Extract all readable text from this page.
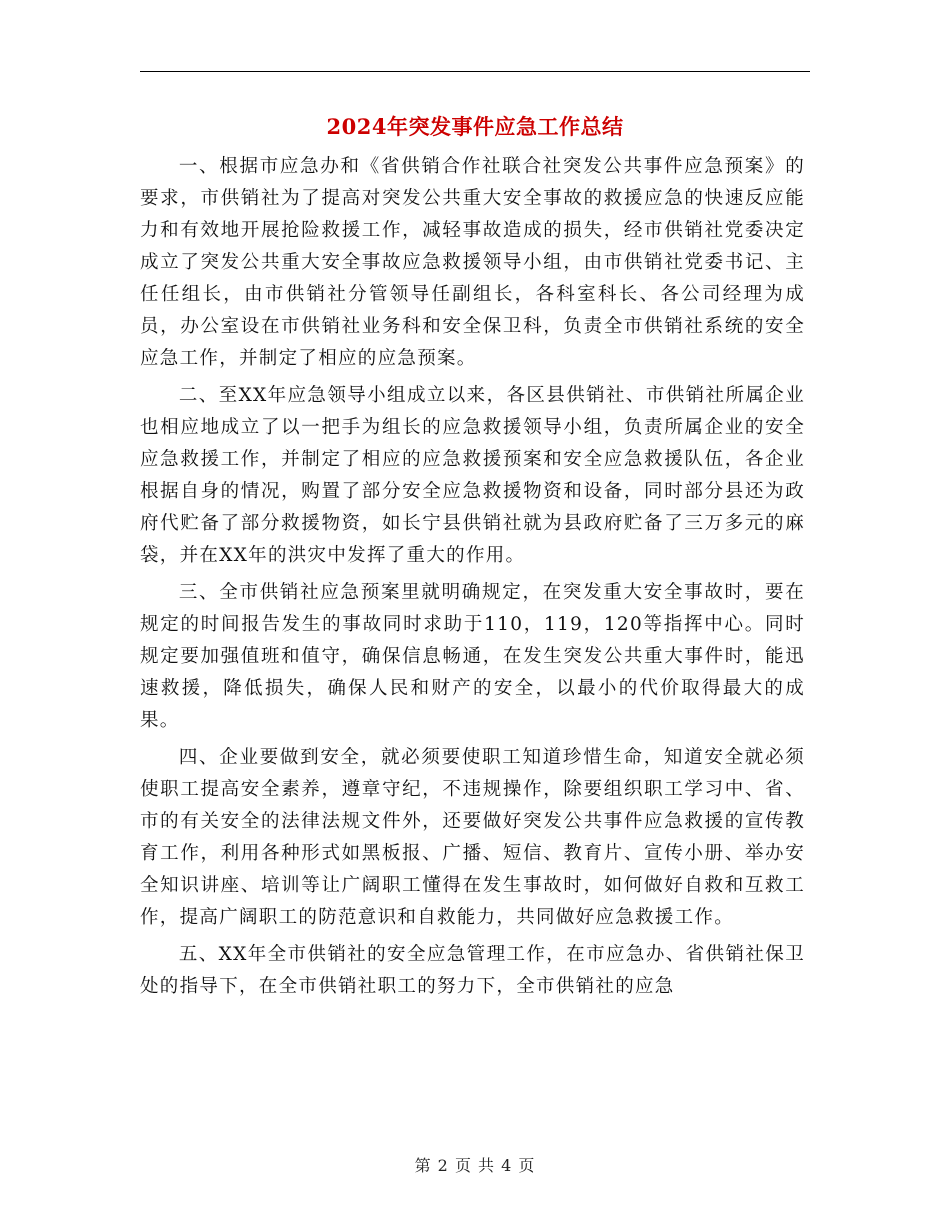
2024年突发事件应急工作总结

一、根据市应急办和《省供销合作社联合社突发公共事件应急预案》的要求，市供销社为了提高对突发公共重大安全事故的救援应急的快速反应能力和有效地开展抢险救援工作，减轻事故造成的损失，经市供销社党委决定成立了突发公共重大安全事故应急救援领导小组，由市供销社党委书记、主任任组长，由市供销社分管领导任副组长，各科室科长、各公司经理为成员，办公室设在市供销社业务科和安全保卫科，负责全市供销社系统的安全应急工作，并制定了相应的应急预案。

二、至XX年应急领导小组成立以来，各区县供销社、市供销社所属企业也相应地成立了以一把手为组长的应急救援领导小组，负责所属企业的安全应急救援工作，并制定了相应的应急救援预案和安全应急救援队伍，各企业根据自身的情况，购置了部分安全应急救援物资和设备，同时部分县还为政府代贮备了部分救援物资，如长宁县供销社就为县政府贮备了三万多元的麻袋，并在XX年的洪灾中发挥了重大的作用。

三、全市供销社应急预案里就明确规定，在突发重大安全事故时，要在规定的时间报告发生的事故同时求助于110，119，120等指挥中心。同时规定要加强值班和值守，确保信息畅通，在发生突发公共重大事件时，能迅速救援，降低损失，确保人民和财产的安全，以最小的代价取得最大的成果。

四、企业要做到安全，就必须要使职工知道珍惜生命，知道安全就必须使职工提高安全素养，遵章守纪，不违规操作，除要组织职工学习中、省、市的有关安全的法律法规文件外，还要做好突发公共事件应急救援的宣传教育工作，利用各种形式如黑板报、广播、短信、教育片、宣传小册、举办安全知识讲座、培训等让广阔职工懂得在发生事故时，如何做好自救和互救工作，提高广阔职工的防范意识和自救能力，共同做好应急救援工作。

五、XX年全市供销社的安全应急管理工作，在市应急办、省供销社保卫处的指导下，在全市供销社职工的努力下，全市供销社的应急

第 2 页 共 4 页
